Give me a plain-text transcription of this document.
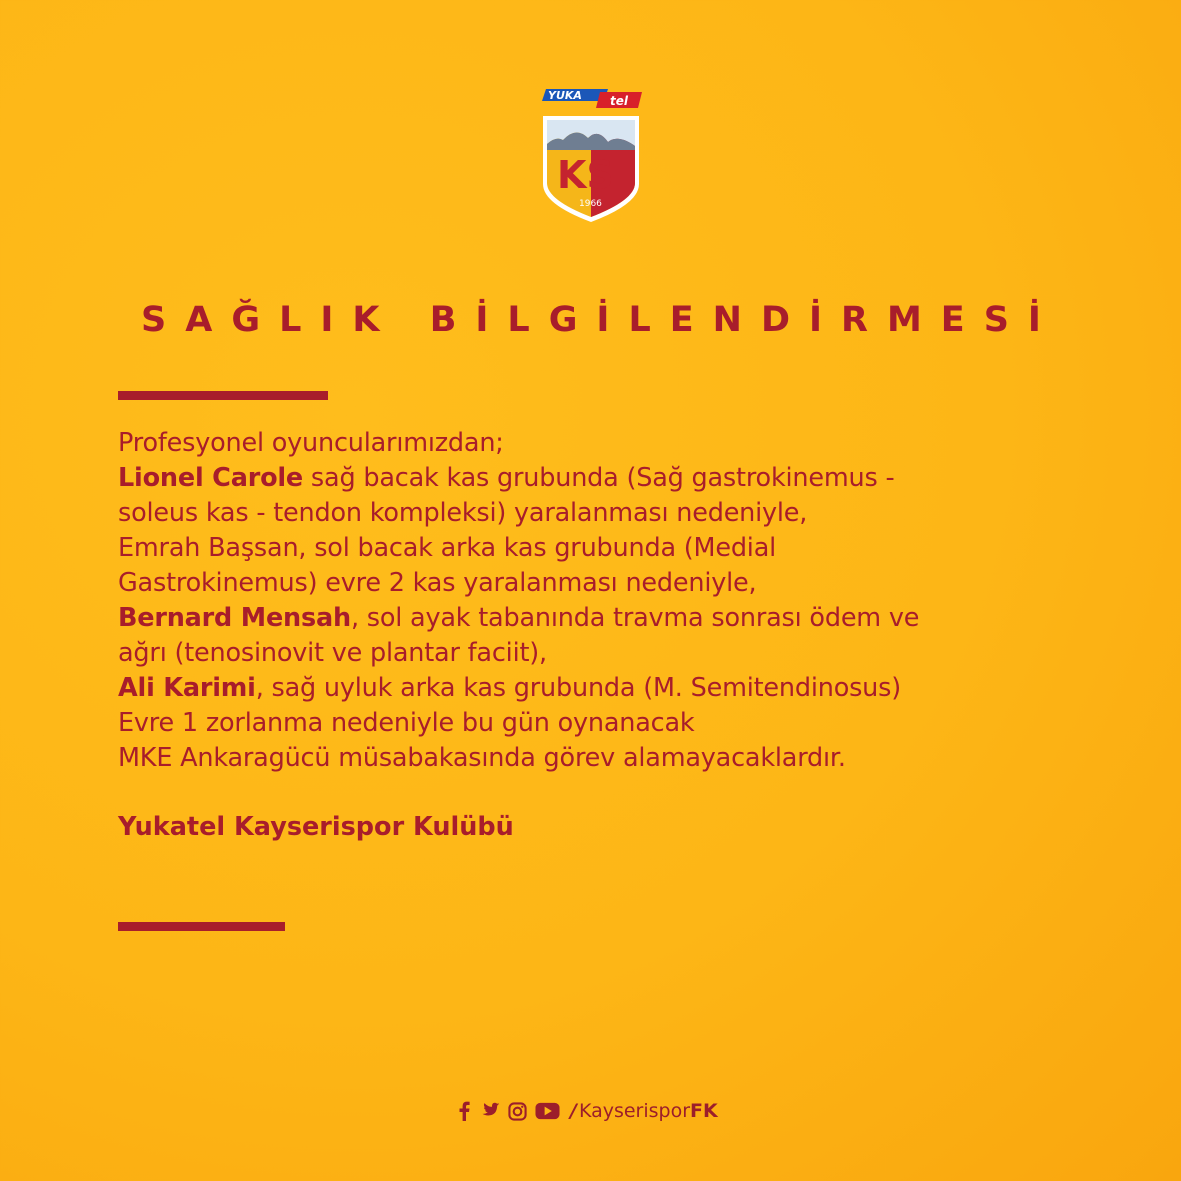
YUKA tel
KS
1966
SAĞLIK BİLGİLENDİRMESİ
Profesyonel oyuncularımızdan;
Lionel Carole sağ bacak kas grubunda (Sağ gastrokinemus -
soleus kas - tendon kompleksi) yaralanması nedeniyle,
Emrah Başsan, sol bacak arka kas grubunda (Medial
Gastrokinemus) evre 2 kas yaralanması nedeniyle,
Bernard Mensah, sol ayak tabanında travma sonrası ödem ve
ağrı (tenosinovit ve plantar faciit),
Ali Karimi, sağ uyluk arka kas grubunda (M. Semitendinosus)
Evre 1 zorlanma nedeniyle bu gün oynanacak
MKE Ankaragücü müsabakasında görev alamayacaklardır.
Yukatel Kayserispor Kulübü
/ KayserisporFK
